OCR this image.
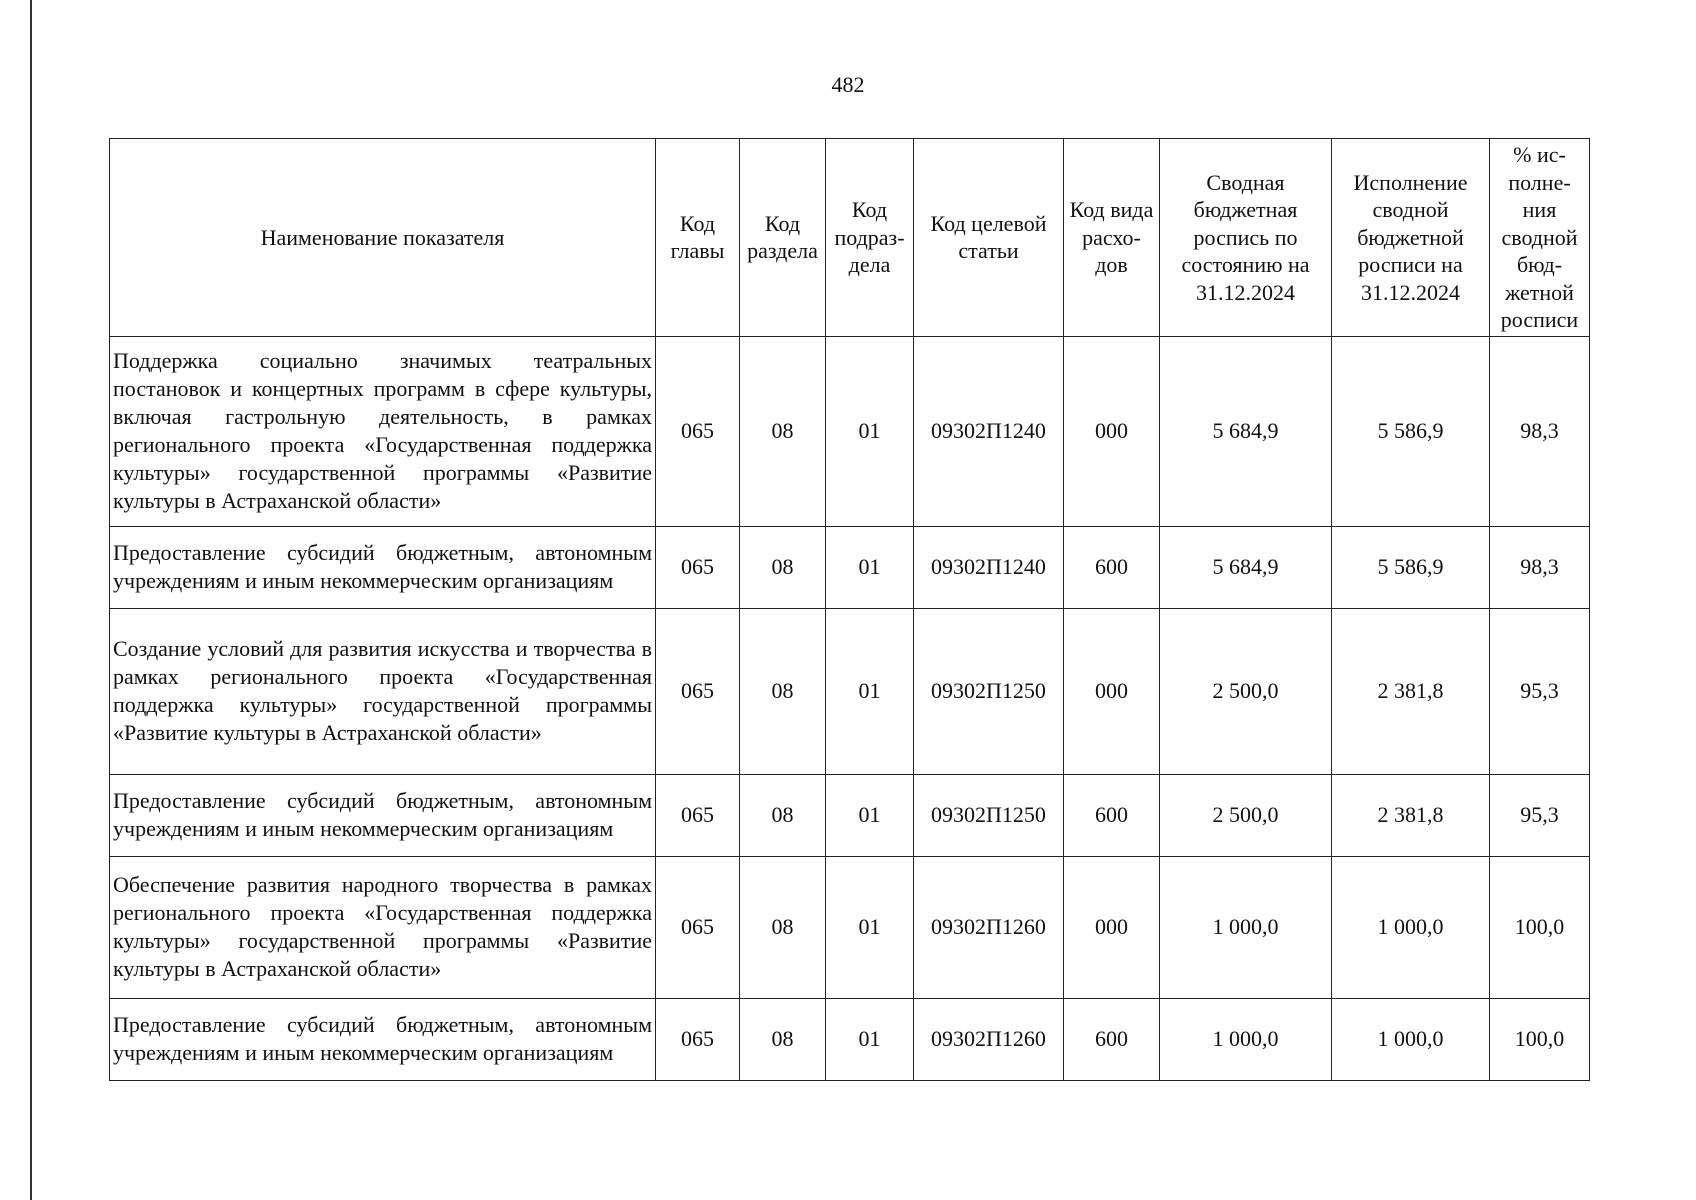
482
Наименование показателя	Код главы	Код раздела	Код подраз-дела	Код целевой статьи	Код вида расхо-дов	Сводная бюджетная роспись по состоянию на 31.12.2024	Исполнение сводной бюджетной росписи на 31.12.2024	% ис-полне-ния сводной бюд-жетной росписи
Поддержка социально значимых театральных постановок и концертных программ в сфере культуры, включая гастрольную деятельность, в рамках регионального проекта «Государственная поддержка культуры» государственной программы «Развитие культуры в Астраханской области»	065	08	01	09302П1240	000	5 684,9	5 586,9	98,3
Предоставление субсидий бюджетным, автономным учреждениям и иным некоммерческим организациям	065	08	01	09302П1240	600	5 684,9	5 586,9	98,3
Создание условий для развития искусства и творчества в рамках регионального проекта «Государственная поддержка культуры» государственной программы «Развитие культуры в Астраханской области»	065	08	01	09302П1250	000	2 500,0	2 381,8	95,3
Предоставление субсидий бюджетным, автономным учреждениям и иным некоммерческим организациям	065	08	01	09302П1250	600	2 500,0	2 381,8	95,3
Обеспечение развития народного творчества в рамках регионального проекта «Государственная поддержка культуры» государственной программы «Развитие культуры в Астраханской области»	065	08	01	09302П1260	000	1 000,0	1 000,0	100,0
Предоставление субсидий бюджетным, автономным учреждениям и иным некоммерческим организациям	065	08	01	09302П1260	600	1 000,0	1 000,0	100,0
